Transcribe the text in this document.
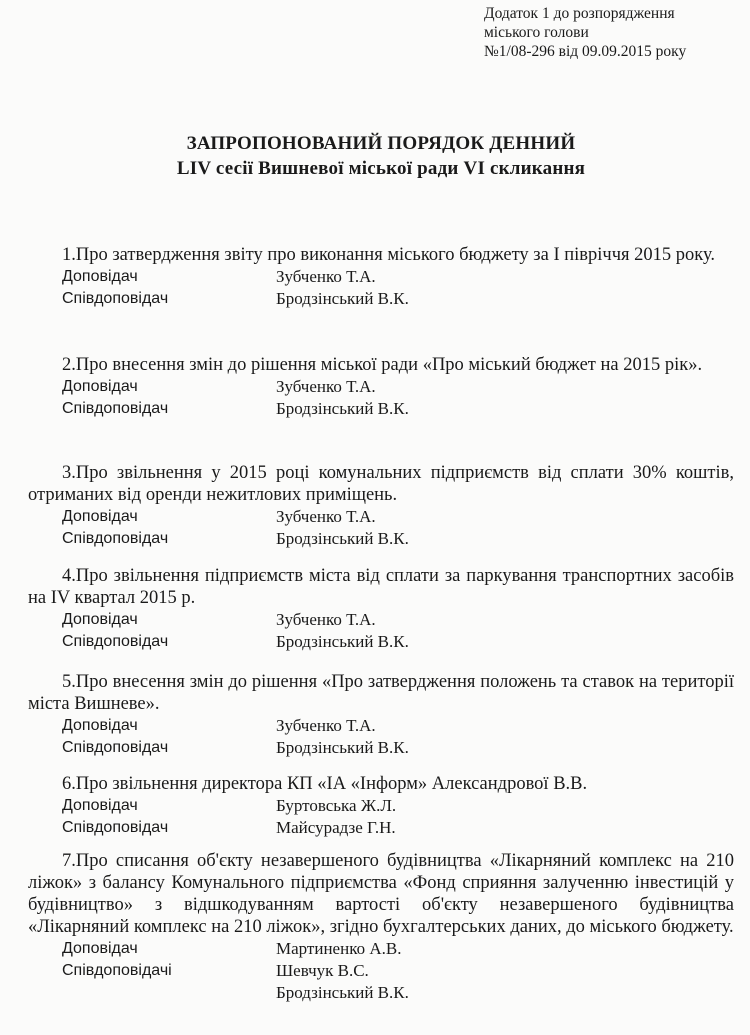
Додаток 1 до розпорядження
міського голови
№1/08-296 від 09.09.2015 року
ЗАПРОПОНОВАНИЙ ПОРЯДОК ДЕННИЙ
LIV сесії Вишневої міської ради VI скликання
1.Про затвердження звіту про виконання міського бюджету за І півріччя 2015 року.
Доповідач	Зубченко Т.А.
Співдоповідач	Бродзінський В.К.
2.Про внесення змін до рішення міської ради «Про міський бюджет на 2015 рік».
Доповідач	Зубченко Т.А.
Співдоповідач	Бродзінський В.К.
3.Про звільнення у 2015 році комунальних підприємств від сплати 30% коштів, отриманих від оренди нежитлових приміщень.
Доповідач	Зубченко Т.А.
Співдоповідач	Бродзінський В.К.
4.Про звільнення підприємств міста від сплати за паркування транспортних засобів на IV квартал 2015 р.
Доповідач	Зубченко Т.А.
Співдоповідач	Бродзінський В.К.
5.Про внесення змін до рішення «Про затвердження положень та ставок на території міста Вишневе».
Доповідач	Зубченко Т.А.
Співдоповідач	Бродзінський В.К.
6.Про звільнення директора КП «ІА «Інформ» Александрової В.В.
Доповідач	Буртовська Ж.Л.
Співдоповідач	Майсурадзе Г.Н.
7.Про списання об'єкту незавершеного будівництва «Лікарняний комплекс на 210 ліжок» з балансу Комунального підприємства «Фонд сприяння залученню інвестицій у будівництво» з відшкодуванням вартості об'єкту незавершеного будівництва «Лікарняний комплекс на 210 ліжок», згідно бухгалтерських даних, до міського бюджету.
Доповідач	Мартиненко А.В.
Співдоповідачі	Шевчук В.С.
Бродзінський В.К.
